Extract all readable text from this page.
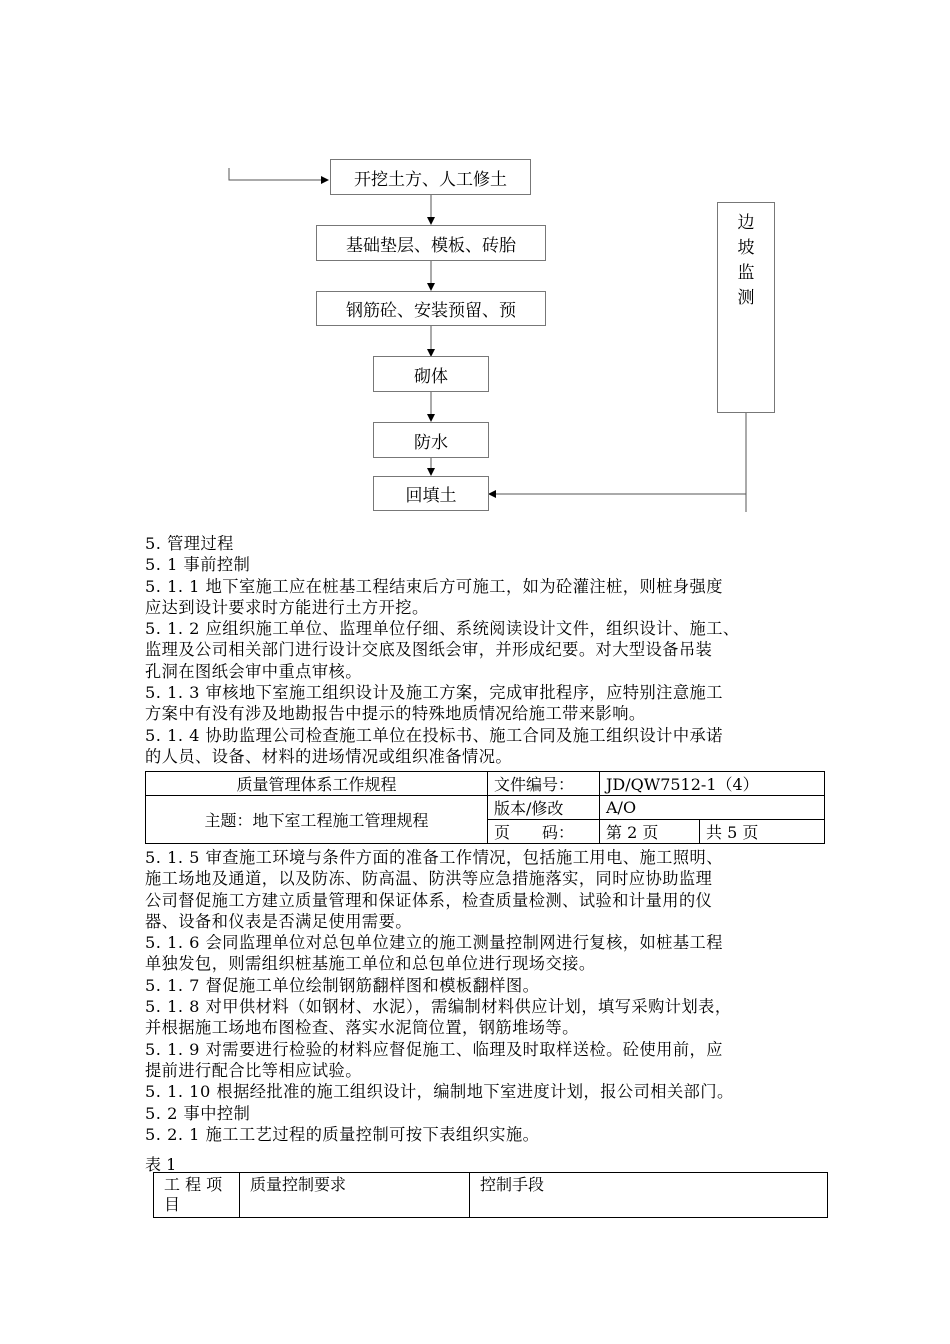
开挖土方、人工修土
基础垫层、模板、砖胎
钢筋砼、安装预留、预
砌体
防水
回填土
边
坡
监
测

5. 管理过程

5. 1 事前控制

5. 1. 1 地下室施工应在桩基工程结束后方可施工，如为砼灌注桩，则桩身强度

应达到设计要求时方能进行土方开挖。

5. 1. 2 应组织施工单位、监理单位仔细、系统阅读设计文件，组织设计、施工、

监理及公司相关部门进行设计交底及图纸会审，并形成纪要。对大型设备吊装

孔洞在图纸会审中重点审核。

5. 1. 3 审核地下室施工组织设计及施工方案，完成审批程序，应特别注意施工

方案中有没有涉及地勘报告中提示的特殊地质情况给施工带来影响。

5. 1. 4 协助监理公司检查施工单位在投标书、施工合同及施工组织设计中承诺

的人员、设备、材料的进场情况或组织准备情况。

质量管理体系工作规程	文件编号：	JD/QW7512-1（4）	
主题：地下室工程施工管理规程	版本/修改	A/O	
	页　　码：	第 2 页	共 5 页

5. 1. 5 审查施工环境与条件方面的准备工作情况，包括施工用电、施工照明、

施工场地及通道，以及防冻、防高温、防洪等应急措施落实，同时应协助监理

公司督促施工方建立质量管理和保证体系，检查质量检测、试验和计量用的仪

器、设备和仪表是否满足使用需要。

5. 1. 6 会同监理单位对总包单位建立的施工测量控制网进行复核，如桩基工程

单独发包，则需组织桩基施工单位和总包单位进行现场交接。

5. 1. 7 督促施工单位绘制钢筋翻样图和模板翻样图。

5. 1. 8 对甲供材料（如钢材、水泥），需编制材料供应计划，填写采购计划表，

并根据施工场地布图检查、落实水泥筒位置，钢筋堆场等。

5. 1. 9 对需要进行检验的材料应督促施工、临理及时取样送检。砼使用前，应

提前进行配合比等相应试验。

5. 1. 10 根据经批准的施工组织设计，编制地下室进度计划，报公司相关部门。

5. 2 事中控制

5. 2. 1 施工工艺过程的质量控制可按下表组织实施。

表 1
工 程 项 目	质量控制要求	控制手段
